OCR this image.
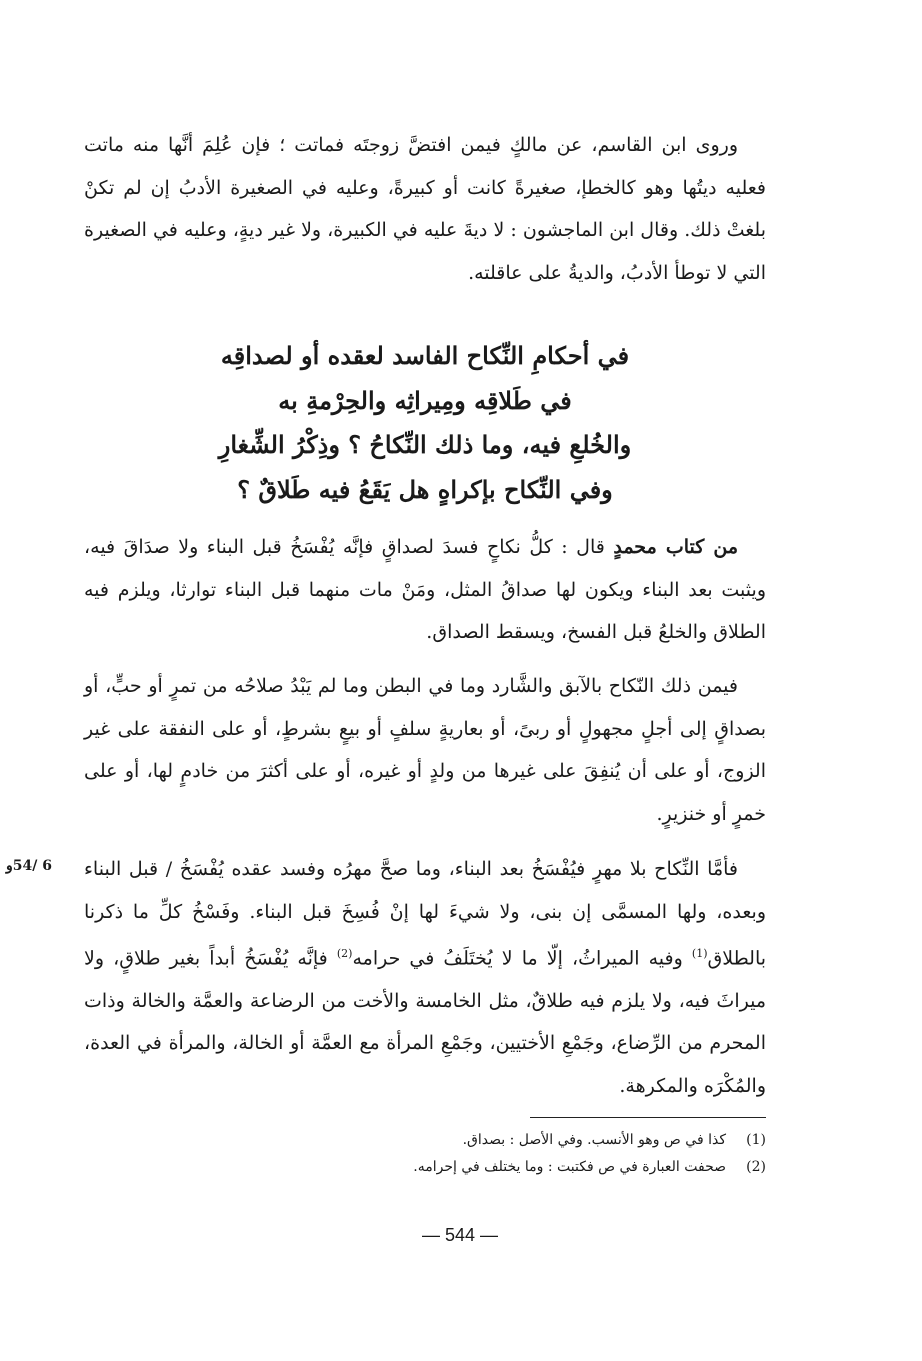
وروى ابن القاسم، عن مالكٍ فيمن افتضَّ زوجتَه فماتت ؛ فإن عُلِمَ أنَّها منه ماتت فعليه ديتُها وهو كالخطإ، صغيرةً كانت أو كبيرةً، وعليه في الصغيرة الأدبُ إن لم تكنْ بلغتْ ذلك. وقال ابن الماجشون : لا ديةَ عليه في الكبيرة، ولا غير ديةٍ، وعليه في الصغيرة التي لا توطأ الأدبُ، والديةُ على عاقلته.

في أحكامِ النِّكاح الفاسد لعقده أو لصداقِه
في طَلاقِه ومِيراثِه والحِرْمةِ به
والخُلعِ فيه، وما ذلك النِّكاحُ ؟ وذِكْرُ الشِّغارِ
وفي النِّكاح بإكراهٍ هل يَقَعُ فيه طَلاقٌ ؟

من كتاب محمدٍ قال : كلُّ نكاحٍ فسدَ لصداقٍ فإنَّه يُفْسَخُ قبل البناء ولا صدَاقَ فيه، ويثبت بعد البناء ويكون لها صداقُ المثل، ومَنْ مات منهما قبل البناء توارثا، ويلزم فيه الطلاق والخلعُ قبل الفسخ، ويسقط الصداق.

فيمن ذلك النّكاح بالآبق والشَّارد وما في البطن وما لم يَبْدُ صلاحُه من تمرٍ أو حبٍّ، أو بصداقٍ إلى أجلٍ مجهولٍ أو ربىً، أو بعاريةٍ سلفٍ أو بيعٍ بشرطٍ، أو على النفقة على غير الزوج، أو على أن يُنفِقَ على غيرها من ولدٍ أو غيره، أو على أكثرَ من خادمٍ لها، أو على خمرٍ أو خنزيرٍ.

فأمَّا النِّكاح بلا مهرٍ فيُفْسَخُ بعد البناء، وما صحَّ مهرُه وفسد عقده يُفْسَخُ / قبل البناء وبعده، ولها المسمَّى إن بنى، ولا شيءَ لها إنْ فُسِخَ قبل البناء. وفَسْخُ كلِّ ما ذكرنا بالطلاق$^{(1)}$ وفيه الميراثُ، إلّا ما لا يُختَلَفُ في حرامه$^{(2)}$ فإنَّه يُفْسَخُ أبداً بغير طلاقٍ، ولا ميراثَ فيه، ولا يلزم فيه طلاقٌ، مثل الخامسة والأخت من الرضاعة والعمَّة والخالة وذات المحرم من الرِّضاع، وجَمْعِ الأختيين، وجَمْعِ المرأة مع العمَّة أو الخالة، والمرأة في العدة، والمُكْرَه والمكرهة.

6 /54و
(1)
كذا في ص وهو الأنسب. وفي الأصل : بصداق.
(2)
صحفت العبارة في ص فكتبت : وما يختلف في إحرامه.
— 544 —
